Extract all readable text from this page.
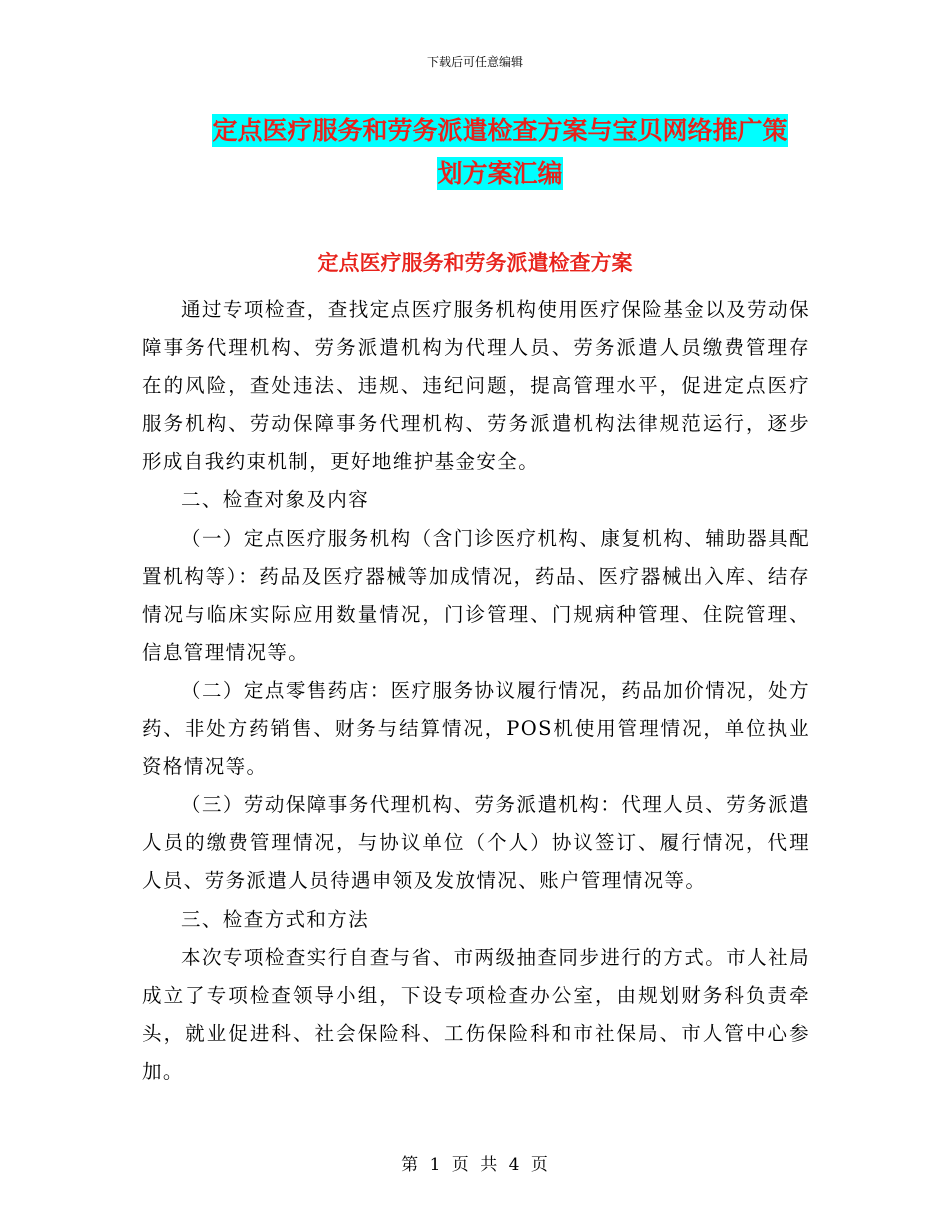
下载后可任意编辑
定点医疗服务和劳务派遣检查方案与宝贝网络推广策
划方案汇编
定点医疗服务和劳务派遣检查方案

通过专项检查，查找定点医疗服务机构使用医疗保险基金以及劳动保障事务代理机构、劳务派遣机构为代理人员、劳务派遣人员缴费管理存在的风险，查处违法、违规、违纪问题，提高管理水平，促进定点医疗服务机构、劳动保障事务代理机构、劳务派遣机构法律规范运行，逐步形成自我约束机制，更好地维护基金安全。

二、检查对象及内容

（一）定点医疗服务机构（含门诊医疗机构、康复机构、辅助器具配置机构等）：药品及医疗器械等加成情况，药品、医疗器械出入库、结存情况与临床实际应用数量情况，门诊管理、门规病种管理、住院管理、信息管理情况等。

（二）定点零售药店：医疗服务协议履行情况，药品加价情况，处方药、非处方药销售、财务与结算情况，POS机使用管理情况，单位执业资格情况等。

（三）劳动保障事务代理机构、劳务派遣机构：代理人员、劳务派遣人员的缴费管理情况，与协议单位（个人）协议签订、履行情况，代理人员、劳务派遣人员待遇申领及发放情况、账户管理情况等。

三、检查方式和方法

本次专项检查实行自查与省、市两级抽查同步进行的方式。市人社局成立了专项检查领导小组，下设专项检查办公室，由规划财务科负责牵头，就业促进科、社会保险科、工伤保险科和市社保局、市人管中心参加。

第 1 页 共 4 页
